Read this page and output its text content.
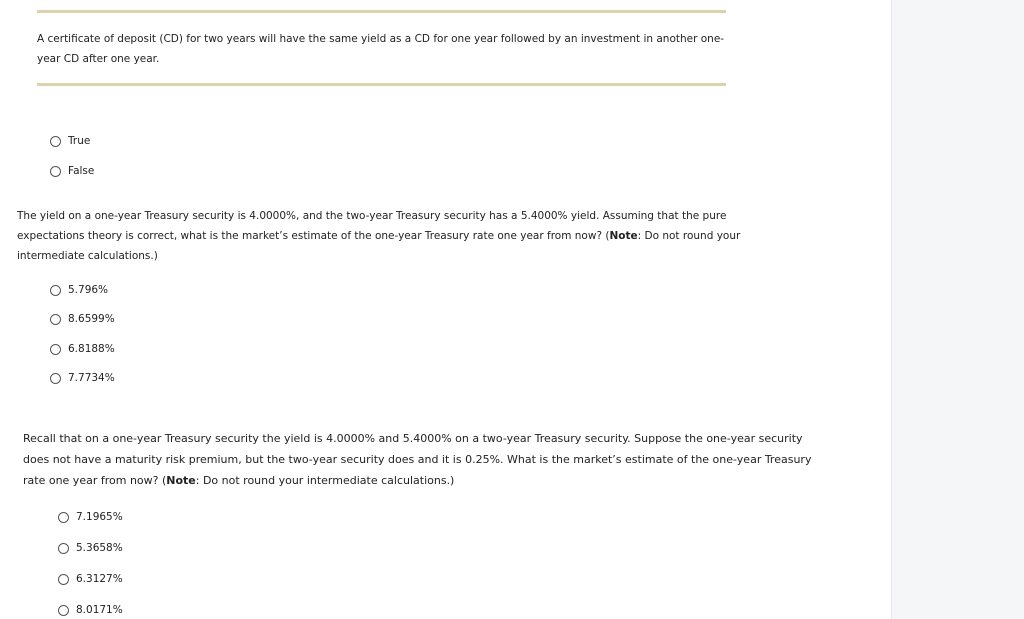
A certificate of deposit (CD) for two years will have the same yield as a CD for one year followed by an investment in another one-year CD after one year.
True
False
The yield on a one-year Treasury security is 4.0000%, and the two-year Treasury security has a 5.4000% yield. Assuming that the pure expectations theory is correct, what is the market’s estimate of the one-year Treasury rate one year from now? (Note: Do not round your intermediate calculations.)
5.796%
8.6599%
6.8188%
7.7734%
Recall that on a one-year Treasury security the yield is 4.0000% and 5.4000% on a two-year Treasury security. Suppose the one-year security does not have a maturity risk premium, but the two-year security does and it is 0.25%. What is the market’s estimate of the one-year Treasury rate one year from now? (Note: Do not round your intermediate calculations.)
7.1965%
5.3658%
6.3127%
8.0171%
